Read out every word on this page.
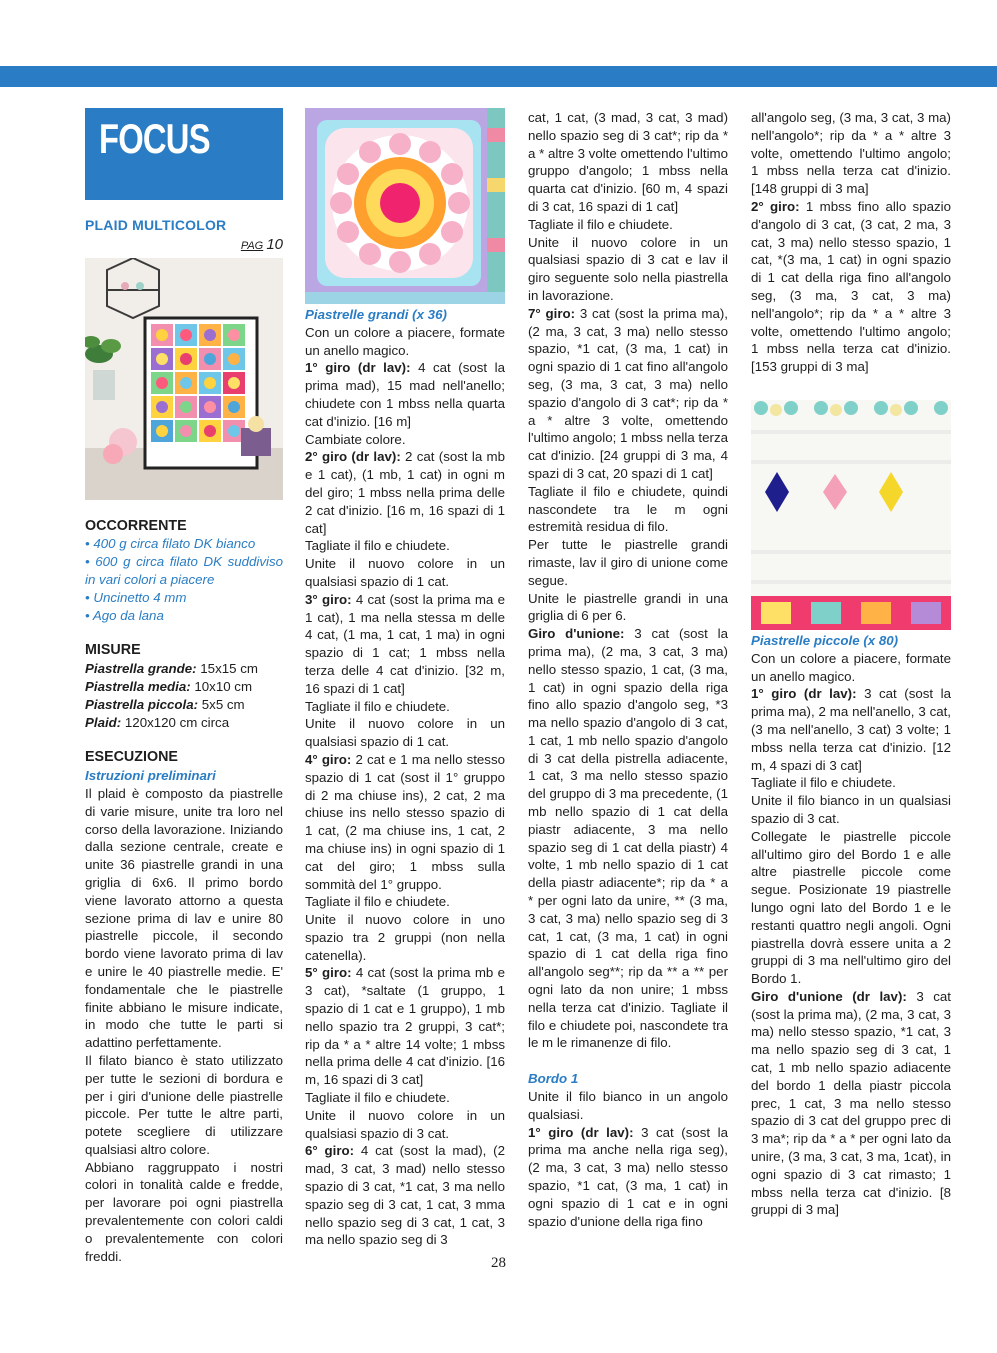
FOCUS

PLAID MULTICOLOR

PAG 10

OCCORRENTE

• 400 g circa filato DK bianco

• 600 g circa filato DK suddiviso in vari colori a piacere

• Uncinetto 4 mm

• Ago da lana

MISURE

Piastrella grande: 15x15 cm

Piastrella media: 10x10 cm

Piastrella piccola: 5x5 cm

Plaid: 120x120 cm circa

ESECUZIONE

Istruzioni preliminari

Il plaid è composto da piastrelle di varie misure, unite tra loro nel corso della lavorazione. Iniziando dalla sezione centrale, create e unite 36 piastrelle grandi in una griglia di 6x6. Il primo bordo viene lavorato attorno a questa sezione prima di lav e unire 80 piastrelle piccole, il secondo bordo viene lavorato prima di lav e unire le 40 piastrelle medie. E' fondamentale che le piastrelle finite abbiano le misure indicate, in modo che tutte le parti si adattino perfettamente.

Il filato bianco è stato utilizzato per tutte le sezioni di bordura e per i giri d'unione delle piastrelle piccole. Per tutte le altre parti, potete scegliere di utilizzare qualsiasi altro colore.

Abbiano raggruppato i nostri colori in tonalità calde e fredde, per lavorare poi ogni piastrella prevalentemente con colori caldi o prevalentemente con colori freddi.

Piastrelle grandi (x 36)

Con un colore a piacere, formate un anello magico.

1° giro (dr lav): 4 cat (sost la prima mad), 15 mad nell'anello; chiudete con 1 mbss nella quarta cat d'inizio. [16 m]

Cambiate colore.

2° giro (dr lav): 2 cat (sost la mb e 1 cat), (1 mb, 1 cat) in ogni m del giro; 1 mbss nella prima delle 2 cat d'inizio. [16 m, 16 spazi di 1 cat]

Tagliate il filo e chiudete.

Unite il nuovo colore in un qualsiasi spazio di 1 cat.

3° giro: 4 cat (sost la prima ma e 1 cat), 1 ma nella stessa m delle 4 cat, (1 ma, 1 cat, 1 ma) in ogni spazio di 1 cat; 1 mbss nella terza delle 4 cat d'inizio. [32 m, 16 spazi di 1 cat]

Tagliate il filo e chiudete.

Unite il nuovo colore in un qualsiasi spazio di 1 cat.

4° giro: 2 cat e 1 ma nello stesso spazio di 1 cat (sost il 1° gruppo di 2 ma chiuse ins), 2 cat, 2 ma chiuse ins nello stesso spazio di 1 cat, (2 ma chiuse ins, 1 cat, 2 ma chiuse ins) in ogni spazio di 1 cat del giro; 1 mbss sulla sommità del 1° gruppo.

Tagliate il filo e chiudete.

Unite il nuovo colore in uno spazio tra 2 gruppi (non nella catenella).

5° giro: 4 cat (sost la prima mb e 3 cat), *saltate (1 gruppo, 1 spazio di 1 cat e 1 gruppo), 1 mb nello spazio tra 2 gruppi, 3 cat*; rip da * a * altre 14 volte; 1 mbss nella prima delle 4 cat d'inizio. [16 m, 16 spazi di 3 cat]

Tagliate il filo e chiudete.

Unite il nuovo colore in un qualsiasi spazio di 3 cat.

6° giro: 4 cat (sost la mad), (2 mad, 3 cat, 3 mad) nello stesso spazio di 3 cat, *1 cat, 3 ma nello spazio seg di 3 cat, 1 cat, 3 mma nello spazio seg di 3 cat, 1 cat, 3 ma nello spazio seg di 3

cat, 1 cat, (3 mad, 3 cat, 3 mad) nello spazio seg di 3 cat*; rip da * a * altre 3 volte omettendo l'ultimo gruppo d'angolo; 1 mbss nella quarta cat d'inizio. [60 m, 4 spazi di 3 cat, 16 spazi di 1 cat]

Tagliate il filo e chiudete.

Unite il nuovo colore in un qualsiasi spazio di 3 cat e lav il giro seguente solo nella piastrella in lavorazione.

7° giro: 3 cat (sost la prima ma), (2 ma, 3 cat, 3 ma) nello stesso spazio, *1 cat, (3 ma, 1 cat) in ogni spazio di 1 cat fino all'angolo seg, (3 ma, 3 cat, 3 ma) nello spazio d'angolo di 3 cat*; rip da * a * altre 3 volte, omettendo l'ultimo angolo; 1 mbss nella terza cat d'inizio. [24 gruppi di 3 ma, 4 spazi di 3 cat, 20 spazi di 1 cat]

Tagliate il filo e chiudete, quindi nascondete tra le m ogni estremità residua di filo.

Per tutte le piastrelle grandi rimaste, lav il giro di unione come segue.

Unite le piastrelle grandi in una griglia di 6 per 6.

Giro d'unione: 3 cat (sost la prima ma), (2 ma, 3 cat, 3 ma) nello stesso spazio, 1 cat, (3 ma, 1 cat) in ogni spazio della riga fino allo spazio d'angolo seg, *3 ma nello spazio d'angolo di 3 cat, 1 cat, 1 mb nello spazio d'angolo di 3 cat della pistrella adiacente, 1 cat, 3 ma nello stesso spazio del gruppo di 3 ma precedente, (1 mb nello spazio di 1 cat della piastr adiacente, 3 ma nello spazio seg di 1 cat della piastr) 4 volte, 1 mb nello spazio di 1 cat della piastr adiacente*; rip da * a * per ogni lato da unire, ** (3 ma, 3 cat, 3 ma) nello spazio seg di 3 cat, 1 cat, (3 ma, 1 cat) in ogni spazio di 1 cat della riga fino all'angolo seg**; rip da ** a ** per ogni lato da non unire; 1 mbss nella terza cat d'inizio. Tagliate il filo e chiudete poi, nascondete tra le m le rimanenze di filo.

Bordo 1

Unite il filo bianco in un angolo qualsiasi.

1° giro (dr lav): 3 cat (sost la prima ma anche nella riga seg), (2 ma, 3 cat, 3 ma) nello stesso spazio, *1 cat, (3 ma, 1 cat) in ogni spazio di 1 cat e in ogni spazio d'unione della riga fino

all'angolo seg, (3 ma, 3 cat, 3 ma) nell'angolo*; rip da * a * altre 3 volte, omettendo l'ultimo angolo; 1 mbss nella terza cat d'inizio. [148 gruppi di 3 ma]

2° giro: 1 mbss fino allo spazio d'angolo di 3 cat, (3 cat, 2 ma, 3 cat, 3 ma) nello stesso spazio, 1 cat, *(3 ma, 1 cat) in ogni spazio di 1 cat della riga fino all'angolo seg, (3 ma, 3 cat, 3 ma) nell'angolo*; rip da * a * altre 3 volte, omettendo l'ultimo angolo; 1 mbss nella terza cat d'inizio.[153 gruppi di 3 ma]

Piastrelle piccole (x 80)

Con un colore a piacere, formate un anello magico.

1° giro (dr lav): 3 cat (sost la prima ma), 2 ma nell'anello, 3 cat, (3 ma nell'anello, 3 cat) 3 volte; 1 mbss nella terza cat d'inizio. [12 m, 4 spazi di 3 cat]

Tagliate il filo e chiudete.

Unite il filo bianco in un qualsiasi spazio di 3 cat.

Collegate le piastrelle piccole all'ultimo giro del Bordo 1 e alle altre piastrelle piccole come segue. Posizionate 19 piastrelle lungo ogni lato del Bordo 1 e le restanti quattro negli angoli. Ogni piastrella dovrà essere unita a 2 gruppi di 3 ma nell'ultimo giro del Bordo 1.

Giro d'unione (dr lav): 3 cat (sost la prima ma), (2 ma, 3 cat, 3 ma) nello stesso spazio, *1 cat, 3 ma nello spazio seg di 3 cat, 1 cat, 1 mb nello spazio adiacente del bordo 1 della piastr piccola prec, 1 cat, 3 ma nello stesso spazio di 3 cat del gruppo prec di 3 ma*; rip da * a * per ogni lato da unire, (3 ma, 3 cat, 3 ma, 1cat), in ogni spazio di 3 cat rimasto; 1 mbss nella terza cat d'inizio. [8 gruppi di 3 ma]

28
